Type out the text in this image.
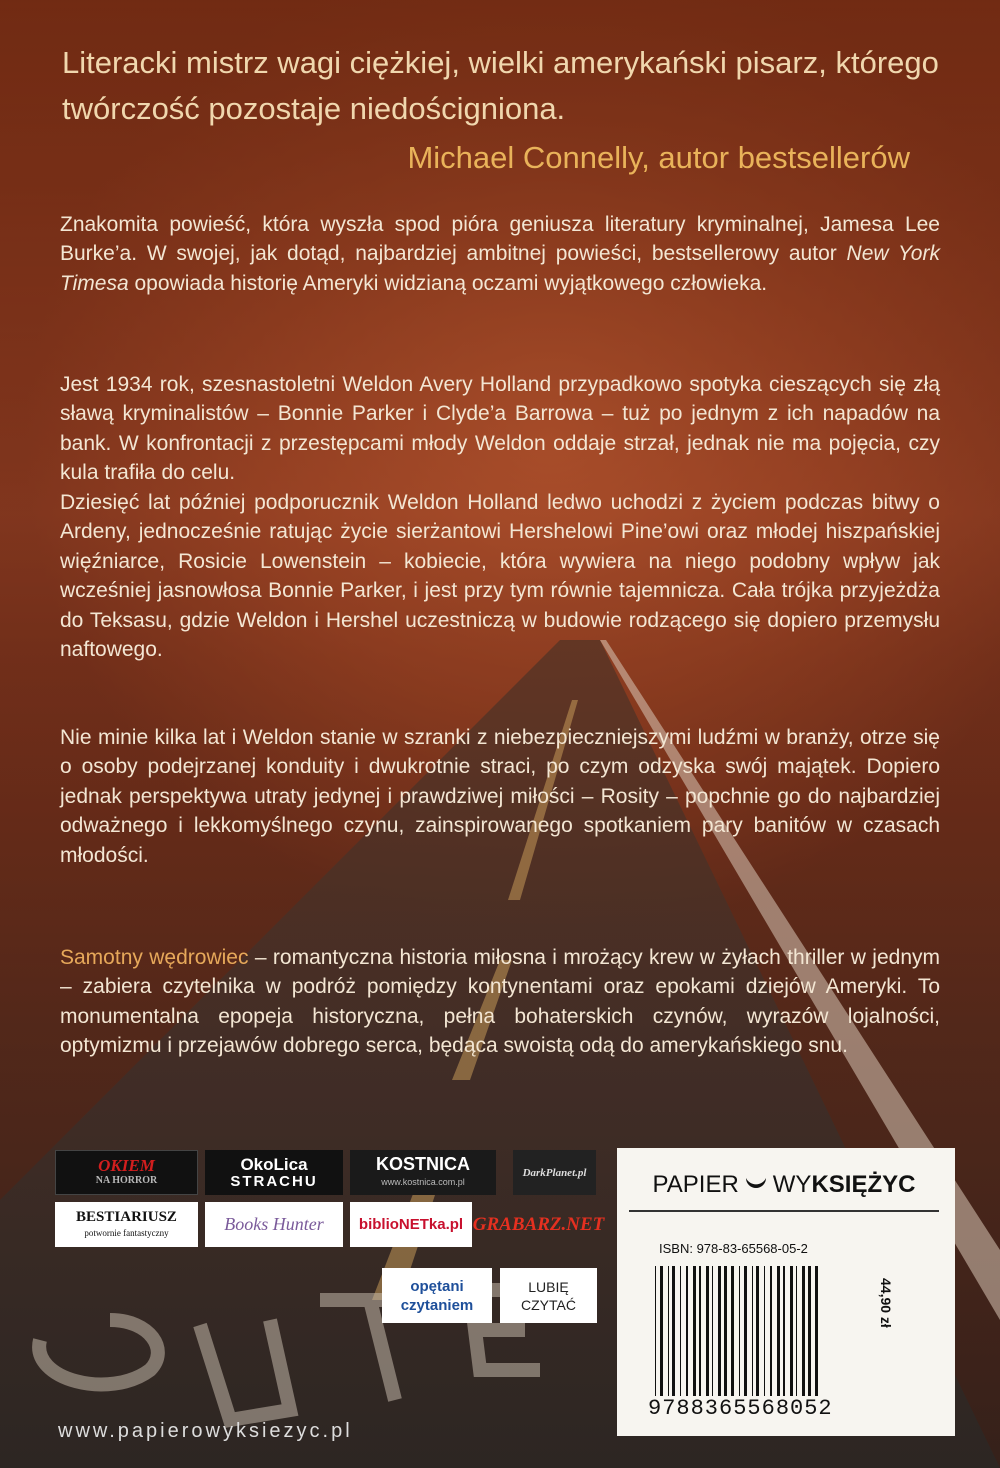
Literacki mistrz wagi ciężkiej, wielki amerykański pisarz, którego twórczość pozostaje niedościgniona.
Michael Connelly, autor bestsellerów
Znakomita powieść, która wyszła spod pióra geniusza literatury kryminalnej, Jamesa Lee Burke’a. W swojej, jak dotąd, najbardziej ambitnej powieści, bestsellerowy autor New York Timesa opowiada historię Ameryki widzianą oczami wyjątkowego człowieka.
Jest 1934 rok, szesnastoletni Weldon Avery Holland przypadkowo spotyka cieszących się złą sławą kryminalistów – Bonnie Parker i Clyde’a Barrowa – tuż po jednym z ich napadów na bank. W konfrontacji z przestępcami młody Weldon oddaje strzał, jednak nie ma pojęcia, czy kula trafiła do celu.
Dziesięć lat później podporucznik Weldon Holland ledwo uchodzi z życiem podczas bitwy o Ardeny, jednocześnie ratując życie sierżantowi Hershelowi Pine’owi oraz młodej hiszpańskiej więźniarce, Rosicie Lowenstein – kobiecie, która wywiera na niego podobny wpływ jak wcześniej jasnowłosa Bonnie Parker, i jest przy tym równie tajemnicza. Cała trójka przyjeżdża do Teksasu, gdzie Weldon i Hershel uczestniczą w budowie rodzącego się dopiero przemysłu naftowego.
Nie minie kilka lat i Weldon stanie w szranki z niebezpieczniejszymi ludźmi w branży, otrze się o osoby podejrzanej konduity i dwukrotnie straci, po czym odzyska swój majątek. Dopiero jednak perspektywa utraty jedynej i prawdziwej miłości – Rosity – popchnie go do najbardziej odważnego i lekkomyślnego czynu, zainspirowanego spotkaniem pary banitów w czasach młodości.
Samotny wędrowiec – romantyczna historia miłosna i mrożący krew w żyłach thriller w jednym – zabiera czytelnika w podróż pomiędzy kontynentami oraz epokami dziejów Ameryki. To monumentalna epopeja historyczna, pełna bohaterskich czynów, wyrazów lojalności, optymizmu i przejawów dobrego serca, będąca swoistą odą do amerykańskiego snu.
OKIEM
NA HORROR
OkoLica
STRACHU
KOSTNICA
www.kostnica.com.pl
DarkPlanet.pl
BESTIARIUSZ
potwornie fantastyczny	Books Hunter biblioNETka.pl GRABARZ.NET
opętani
czytaniem
LUBIĘ
CZYTAĆ
PAPIER WY KSIĘŻYC
ISBN: 978-83-65568-05-2
44,90 zł
9788365568052
www.papierowyksiezyc.pl
